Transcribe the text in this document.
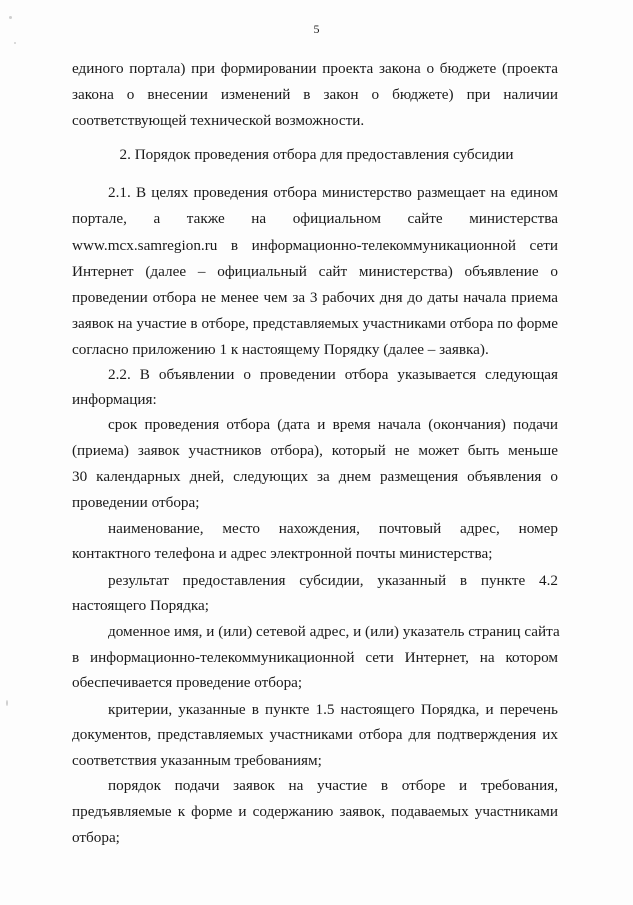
5
единого портала) при формировании проекта закона о бюджете (проекта
закона о внесении изменений в закон о бюджете) при наличии
соответствующей технической возможности.
2. Порядок проведения отбора для предоставления субсидии
2.1. В целях проведения отбора министерство размещает на едином
портале, а также на официальном сайте министерства
www.mcx.samregion.ru в информационно-телекоммуникационной сети
Интернет (далее – официальный сайт министерства) объявление о
проведении отбора не менее чем за 3 рабочих дня до даты начала приема
заявок на участие в отборе, представляемых участниками отбора по форме
согласно приложению 1 к настоящему Порядку (далее – заявка).
2.2. В объявлении о проведении отбора указывается следующая
информация:
срок проведения отбора (дата и время начала (окончания) подачи
(приема) заявок участников отбора), который не может быть меньше
30 календарных дней, следующих за днем размещения объявления о
проведении отбора;
наименование, место нахождения, почтовый адрес, номер
контактного телефона и адрес электронной почты министерства;
результат предоставления субсидии, указанный в пункте 4.2
настоящего Порядка;
доменное имя, и (или) сетевой адрес, и (или) указатель страниц сайта
в информационно-телекоммуникационной сети Интернет, на котором
обеспечивается проведение отбора;
критерии, указанные в пункте 1.5 настоящего Порядка, и перечень
документов, представляемых участниками отбора для подтверждения их
соответствия указанным требованиям;
порядок подачи заявок на участие в отборе и требования,
предъявляемые к форме и содержанию заявок, подаваемых участниками
отбора;
